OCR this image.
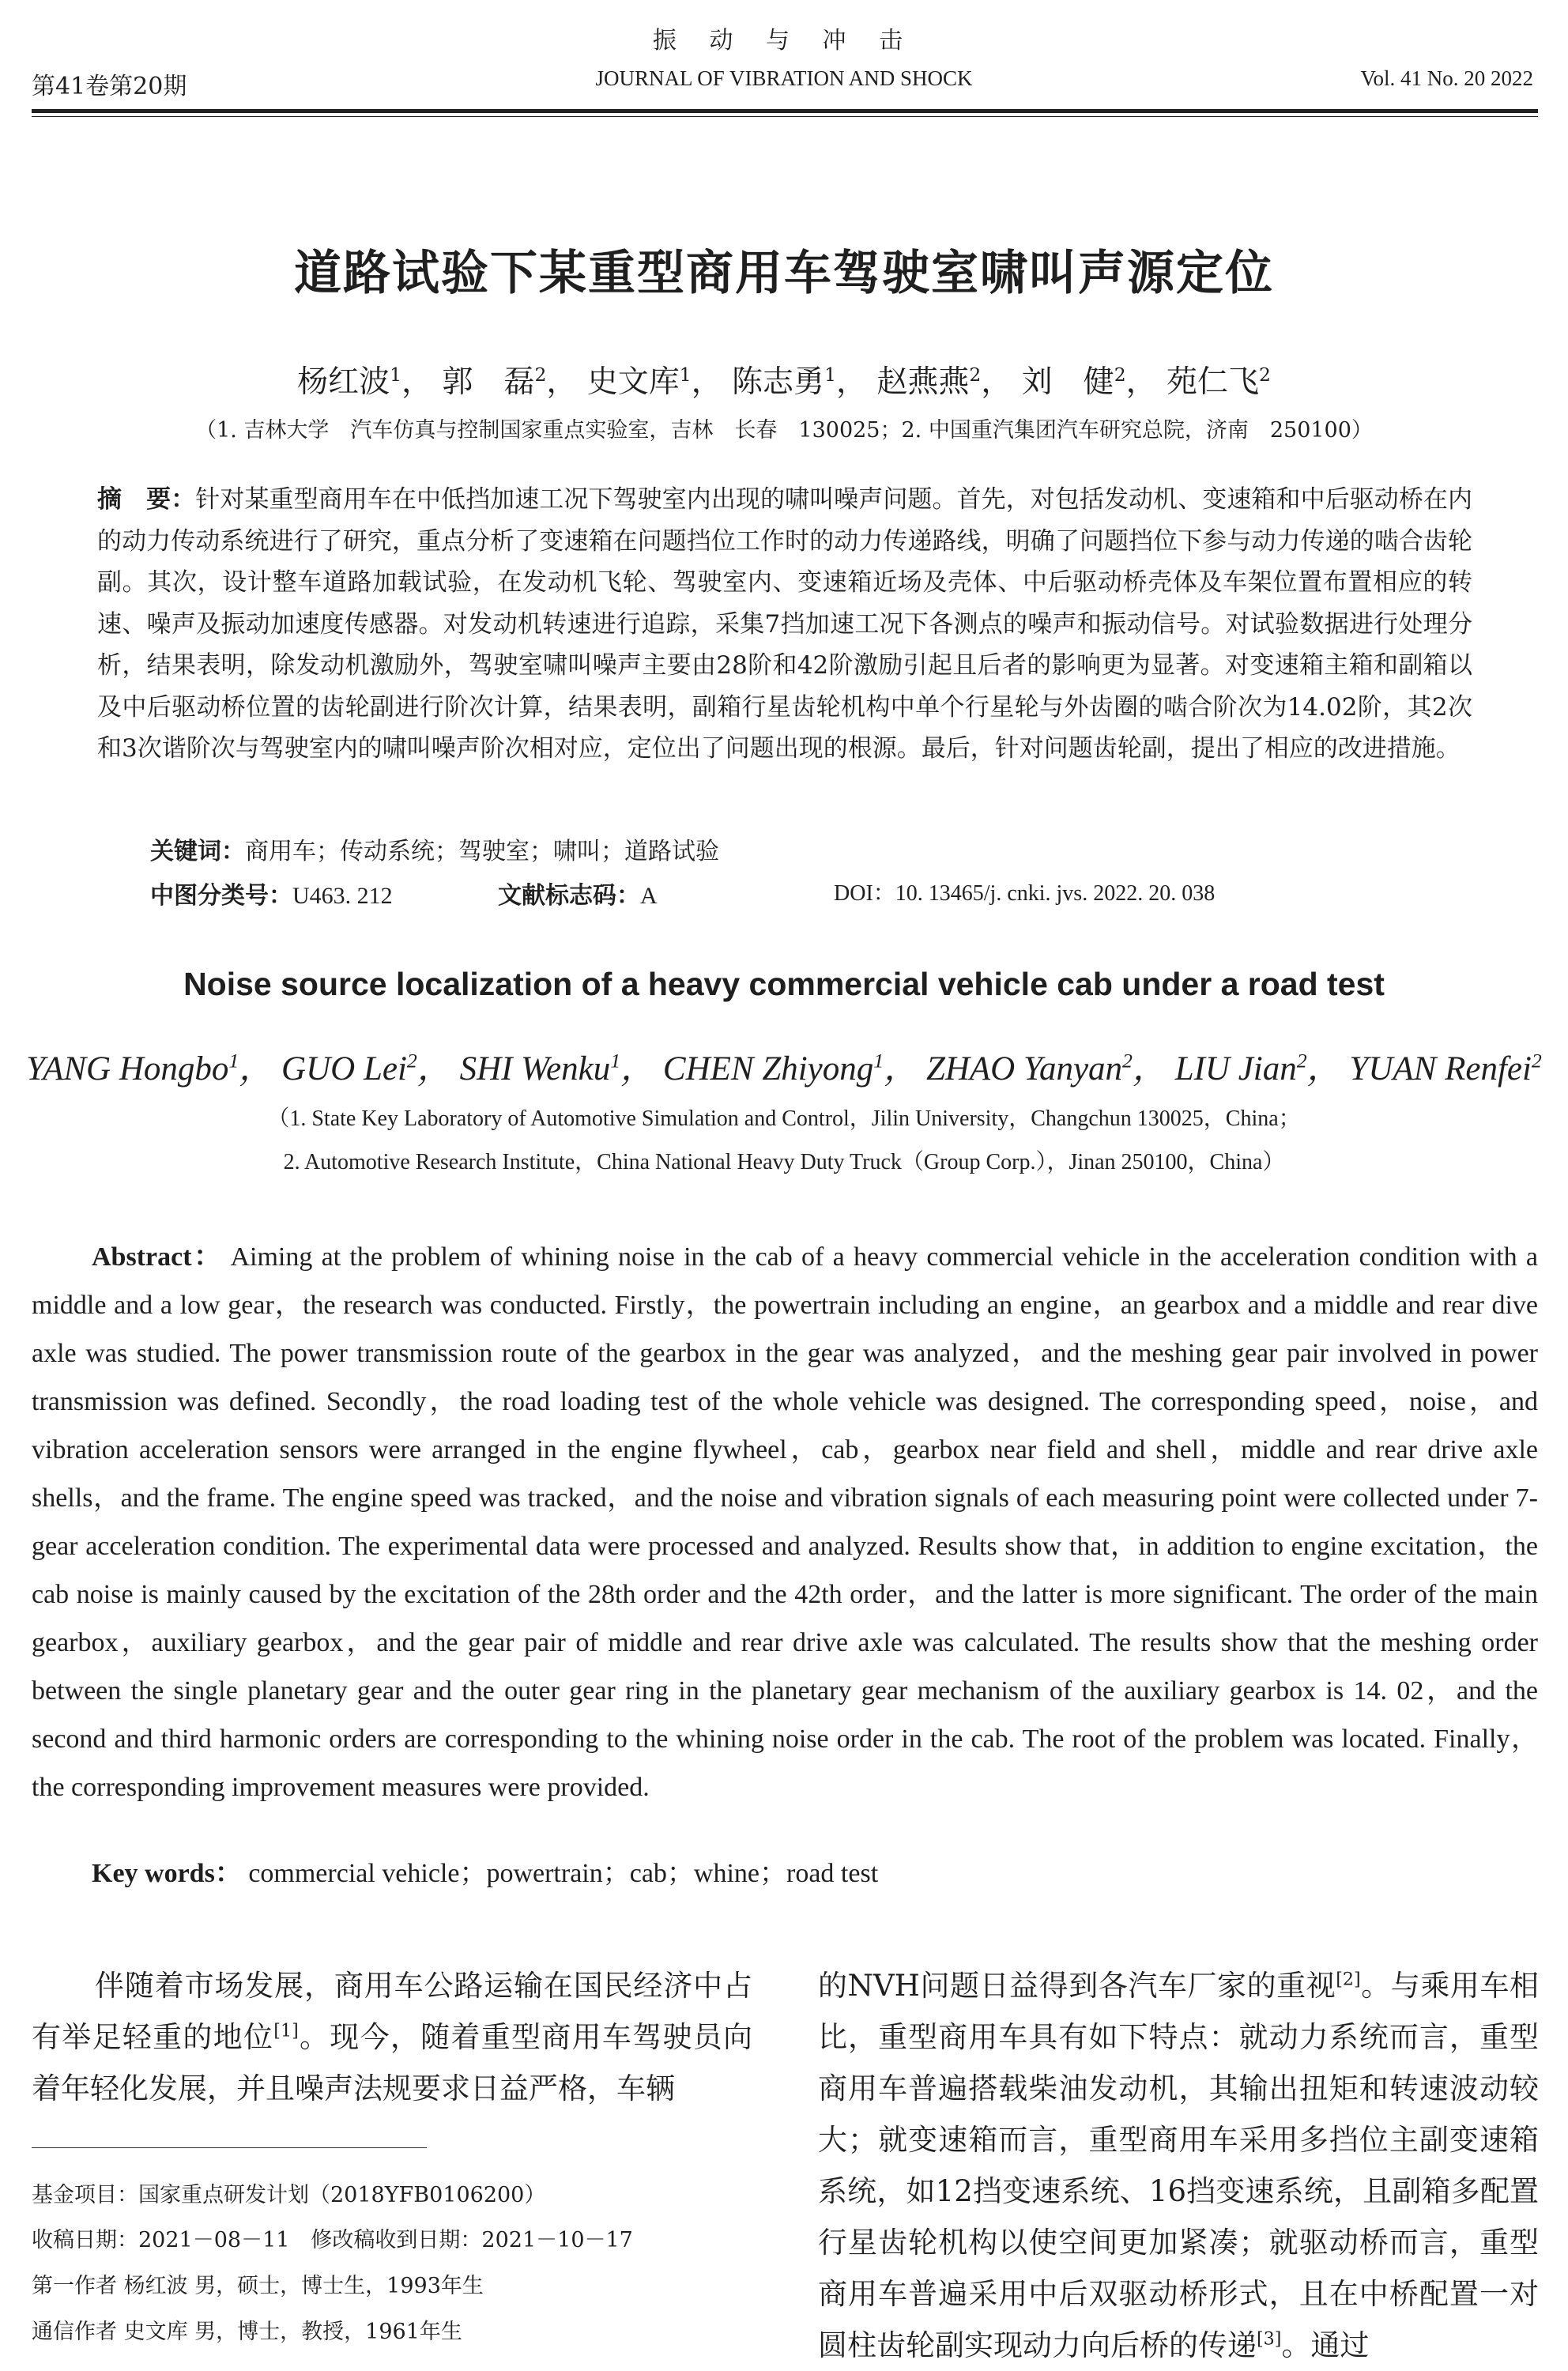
振 动 与 冲 击
第41卷第20期	JOURNAL OF VIBRATION AND SHOCK	Vol. 41 No. 20 2022
道路试验下某重型商用车驾驶室啸叫声源定位
杨红波$^1$， 郭　磊$^2$， 史文库$^1$， 陈志勇$^1$， 赵燕燕$^2$， 刘　健$^2$， 苑仁飞$^2$
（1. 吉林大学　汽车仿真与控制国家重点实验室，吉林　长春　130025；2. 中国重汽集团汽车研究总院，济南　250100）
摘　要：针对某重型商用车在中低挡加速工况下驾驶室内出现的啸叫噪声问题。首先，对包括发动机、变速箱和中后驱动桥在内的动力传动系统进行了研究，重点分析了变速箱在问题挡位工作时的动力传递路线，明确了问题挡位下参与动力传递的啮合齿轮副。其次，设计整车道路加载试验，在发动机飞轮、驾驶室内、变速箱近场及壳体、中后驱动桥壳体及车架位置布置相应的转速、噪声及振动加速度传感器。对发动机转速进行追踪，采集7挡加速工况下各测点的噪声和振动信号。对试验数据进行处理分析，结果表明，除发动机激励外，驾驶室啸叫噪声主要由28阶和42阶激励引起且后者的影响更为显著。对变速箱主箱和副箱以及中后驱动桥位置的齿轮副进行阶次计算，结果表明，副箱行星齿轮机构中单个行星轮与外齿圈的啮合阶次为14.02阶，其2次和3次谐阶次与驾驶室内的啸叫噪声阶次相对应，定位出了问题出现的根源。最后，针对问题齿轮副，提出了相应的改进措施。
关键词：商用车；传动系统；驾驶室；啸叫；道路试验
中图分类号：U463. 212	文献标志码：A	DOI：10. 13465/j. cnki. jvs. 2022. 20. 038
Noise source localization of a heavy commercial vehicle cab under a road test
YANG Hongbo$^1$， GUO Lei$^2$， SHI Wenku$^1$， CHEN Zhiyong$^1$， ZHAO Yanyan$^2$， LIU Jian$^2$， YUAN Renfei$^2$
（1. State Key Laboratory of Automotive Simulation and Control，Jilin University，Changchun 130025，China；
2. Automotive Research Institute，China National Heavy Duty Truck（Group Corp.），Jinan 250100，China）
Abstract： Aiming at the problem of whining noise in the cab of a heavy commercial vehicle in the acceleration condition with a middle and a low gear，the research was conducted. Firstly，the powertrain including an engine，an gearbox and a middle and rear dive axle was studied. The power transmission route of the gearbox in the gear was analyzed，and the meshing gear pair involved in power transmission was defined. Secondly，the road loading test of the whole vehicle was designed. The corresponding speed，noise，and vibration acceleration sensors were arranged in the engine flywheel，cab，gearbox near field and shell，middle and rear drive axle shells，and the frame. The engine speed was tracked，and the noise and vibration signals of each measuring point were collected under 7-gear acceleration condition. The experimental data were processed and analyzed. Results show that，in addition to engine excitation，the cab noise is mainly caused by the excitation of the 28th order and the 42th order，and the latter is more significant. The order of the main gearbox，auxiliary gearbox，and the gear pair of middle and rear drive axle was calculated. The results show that the meshing order between the single planetary gear and the outer gear ring in the planetary gear mechanism of the auxiliary gearbox is 14. 02，and the second and third harmonic orders are corresponding to the whining noise order in the cab. The root of the problem was located. Finally，the corresponding improvement measures were provided.
Key words： commercial vehicle；powertrain；cab；whine；road test
伴随着市场发展，商用车公路运输在国民经济中占有举足轻重的地位[1]。现今，随着重型商用车驾驶员向着年轻化发展，并且噪声法规要求日益严格，车辆
基金项目：国家重点研发计划（2018YFB0106200）
收稿日期：2021－08－11　修改稿收到日期：2021－10－17
第一作者 杨红波 男，硕士，博士生，1993年生
通信作者 史文库 男，博士，教授，1961年生
的NVH问题日益得到各汽车厂家的重视[2]。与乘用车相比，重型商用车具有如下特点：就动力系统而言，重型商用车普遍搭载柴油发动机，其输出扭矩和转速波动较大；就变速箱而言，重型商用车采用多挡位主副变速箱系统，如12挡变速系统、16挡变速系统，且副箱多配置行星齿轮机构以使空间更加紧凑；就驱动桥而言，重型商用车普遍采用中后双驱动桥形式，且在中桥配置一对圆柱齿轮副实现动力向后桥的传递[3]。通过
